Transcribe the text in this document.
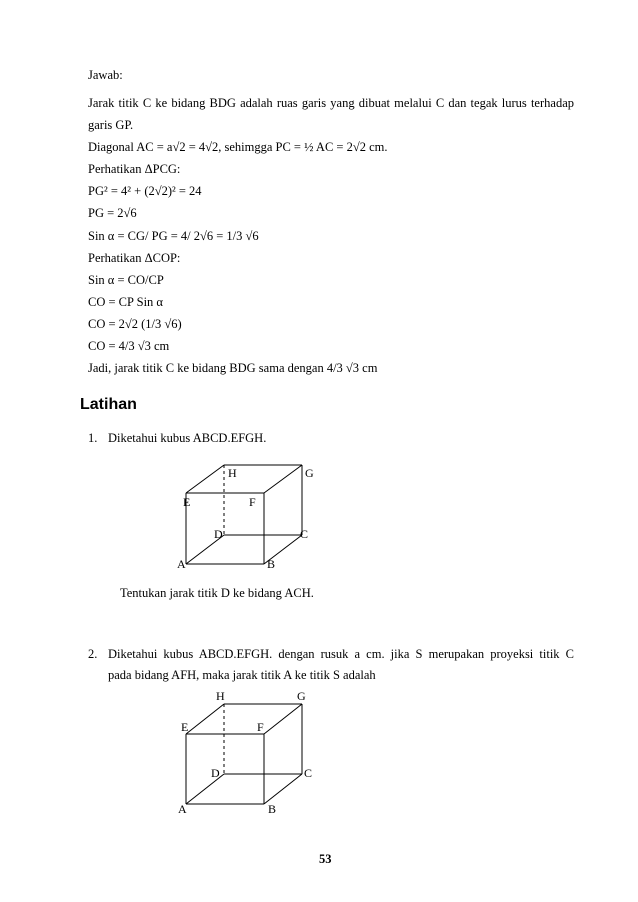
Jawab:
Jarak titik C ke bidang BDG adalah ruas garis yang dibuat melalui C dan tegak lurus terhadap
garis GP.
Diagonal AC = a√2 = 4√2, sehimgga PC = ½ AC = 2√2 cm.
Perhatikan ΔPCG:
PG² = 4² + (2√2)² = 24
PG = 2√6
Sin α = CG/ PG = 4/ 2√6 = 1/3 √6
Perhatikan ΔCOP:
Sin α = CO/CP
CO = CP Sin α
CO = 2√2 (1/3 √6)
CO = 4/3 √3 cm
Jadi, jarak titik C ke bidang BDG sama dengan 4/3 √3 cm
Latihan
1. Diketahui kubus ABCD.EFGH.
H	G
E	F
D	C
A	B
H	G
E	F
D	C
A	B
Tentukan jarak titik D ke bidang ACH.
2. Diketahui kubus ABCD.EFGH. dengan rusuk a cm. jika S merupakan proyeksi titik C
pada bidang AFH, maka jarak titik A ke titik S adalah
53
